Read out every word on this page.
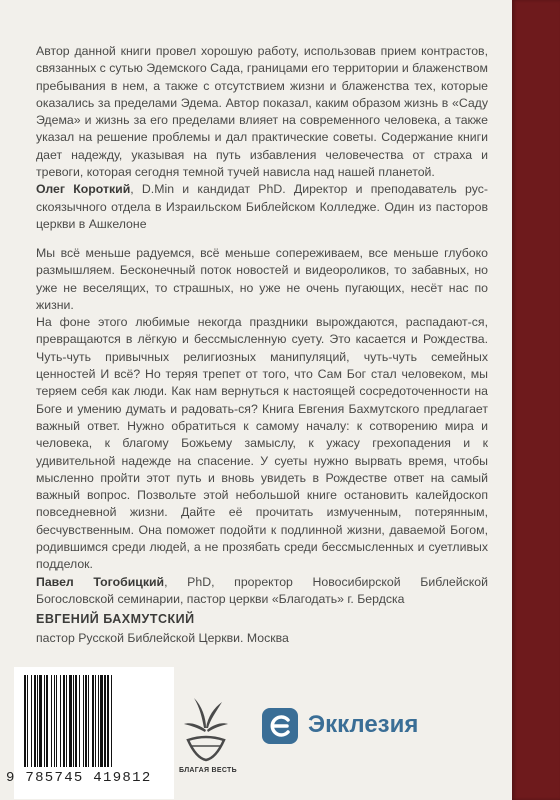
Автор данной книги провел хорошую работу, использовав прием контрастов, связанных с сутью Эдемского Сада, границами его территории и блаженством пребывания в нем, а также с отсутствием жизни и блаженства тех, которые оказались за пределами Эдема. Автор показал, каким образом жизнь в «Саду Эдема» и жизнь за его пределами влияет на современного человека, а также указал на решение проблемы и дал практические советы. Содержание книги дает надежду, указывая на путь избавления человечества от страха и тревоги, которая сегодня темной тучей нависла над нашей планетой.

Олег Короткий, D.Min и кандидат PhD. Директор и преподаватель рус-скоязычного отдела в Израильском Библейском Колледже. Один из пасторов церкви в Ашкелоне

Мы всё меньше радуемся, всё меньше сопереживаем, все меньше глубоко размышляем. Бесконечный поток новостей и видеороликов, то забавных, но уже не веселящих, то страшных, но уже не очень пугающих, несёт нас по жизни.

На фоне этого любимые некогда праздники вырождаются, распадают-ся, превращаются в лёгкую и бессмысленную суету. Это касается и Рождества. Чуть-чуть привычных религиозных манипуляций, чуть-чуть семейных ценностей И всё? Но теряя трепет от того, что Сам Бог стал человеком, мы теряем себя как люди. Как нам вернуться к настоящей сосредоточенности на Боге и умению думать и радовать-ся? Книга Евгения Бахмутского предлагает важный ответ. Нужно обратиться к самому началу: к сотворению мира и человека, к благому Божьему замыслу, к ужасу грехопадения и к удивительной надежде на спасение. У суеты нужно вырвать время, чтобы мысленно пройти этот путь и вновь увидеть в Рождестве ответ на самый важный вопрос. Позвольте этой небольшой книге остановить калейдоскоп повседневной жизни. Дайте её прочитать измученным, потерянным, бесчувственным. Она поможет подойти к подлинной жизни, даваемой Богом, родившимся среди людей, а не прозябать среди бессмысленных и суетливых подделок.

Павел Тогобицкий, PhD, проректор Новосибирской Библейской Богословской семинарии, пастор церкви «Благодать» г. Бердска

ЕВГЕНИЙ БАХМУТСКИЙ

пастор Русской Библейской Церкви. Москва

9 785745 419812	БЛАГАЯ ВЕСТЬ
Экклезия
